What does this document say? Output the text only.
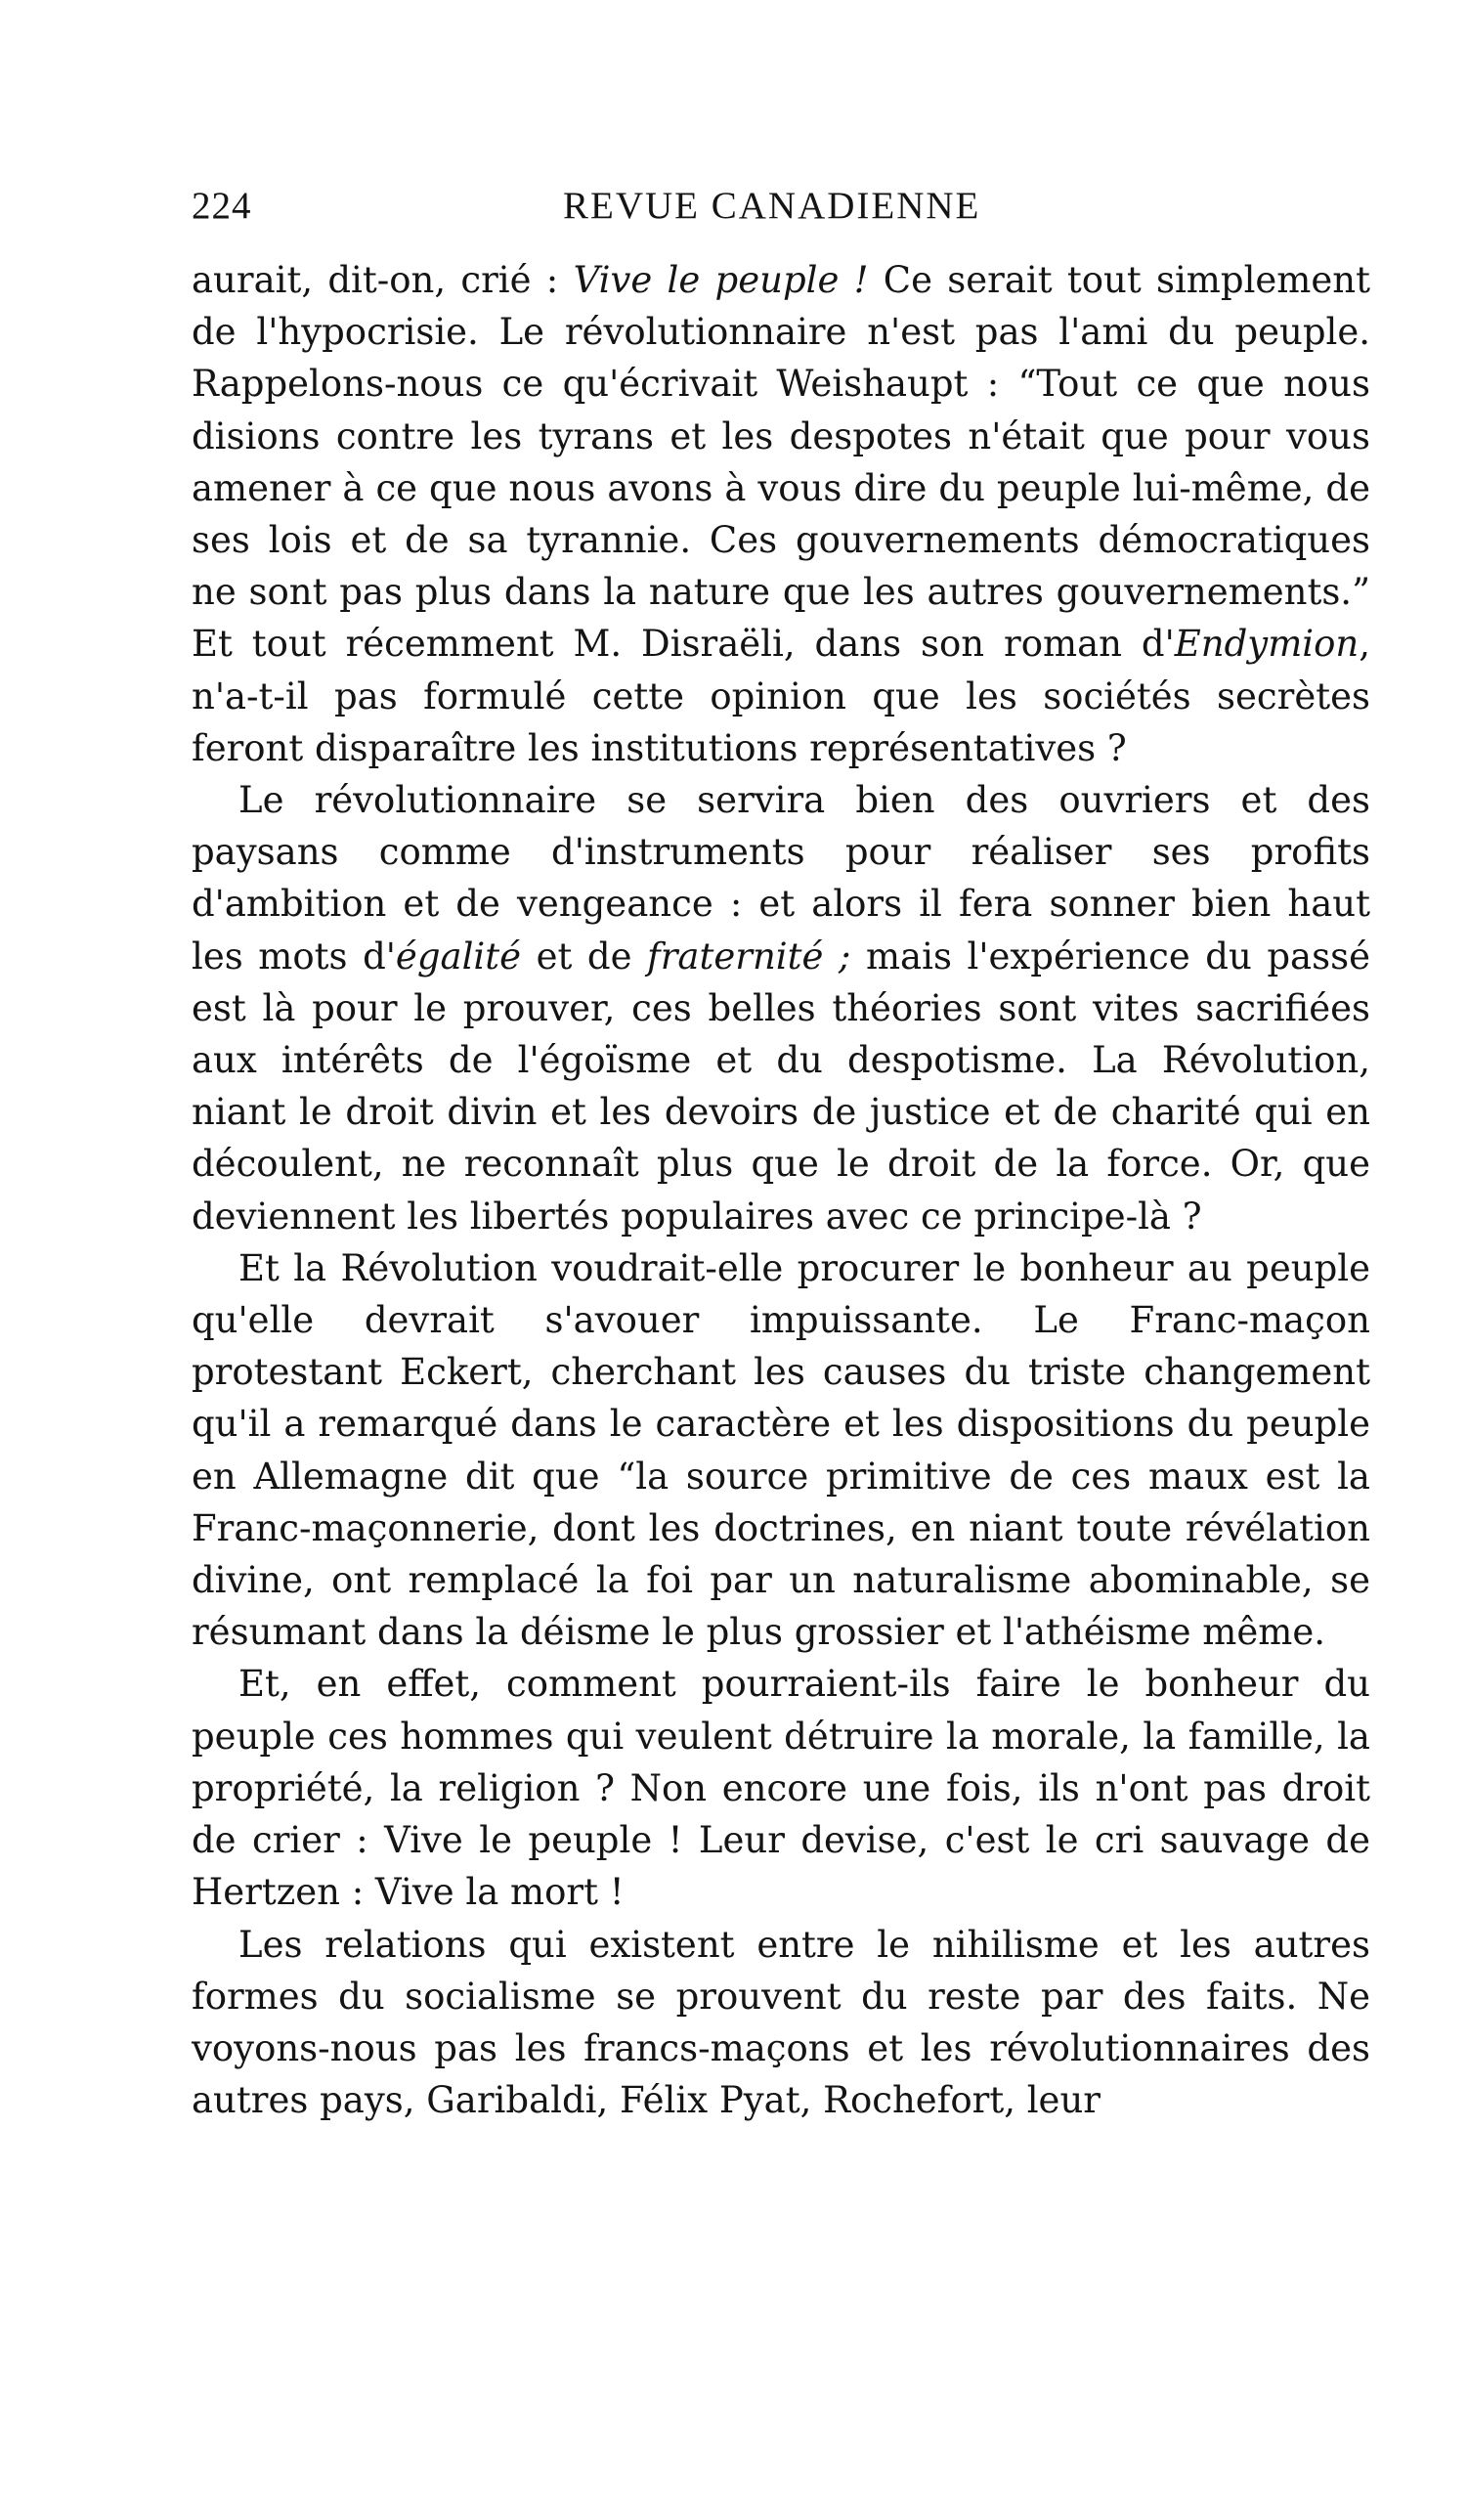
224	REVUE CANADIENNE

aurait, dit-on, crié : Vive le peuple ! Ce serait tout simplement de l'hypocrisie. Le révolutionnaire n'est pas l'ami du peuple. Rappelons-nous ce qu'écrivait Weishaupt : “Tout ce que nous disions contre les tyrans et les despotes n'était que pour vous amener à ce que nous avons à vous dire du peuple lui-même, de ses lois et de sa tyrannie. Ces gouvernements démocratiques ne sont pas plus dans la nature que les autres gouvernements.” Et tout récemment M. Disraëli, dans son roman d'Endymion, n'a-t-il pas formulé cette opinion que les sociétés secrètes feront disparaître les institutions représentatives ?

Le révolutionnaire se servira bien des ouvriers et des paysans comme d'instruments pour réaliser ses profits d'ambition et de vengeance : et alors il fera sonner bien haut les mots d'égalité et de fraternité ; mais l'expérience du passé est là pour le prouver, ces belles théories sont vites sacrifiées aux intérêts de l'égoïsme et du despotisme. La Révolution, niant le droit divin et les devoirs de justice et de charité qui en découlent, ne reconnaît plus que le droit de la force. Or, que deviennent les libertés populaires avec ce principe-là ?

Et la Révolution voudrait-elle procurer le bonheur au peuple qu'elle devrait s'avouer impuissante. Le Franc-maçon protestant Eckert, cherchant les causes du triste changement qu'il a remarqué dans le caractère et les dispositions du peuple en Allemagne dit que “la source primitive de ces maux est la Franc-maçonnerie, dont les doctrines, en niant toute révélation divine, ont remplacé la foi par un naturalisme abominable, se résumant dans la déisme le plus grossier et l'athéisme même.

Et, en effet, comment pourraient-ils faire le bonheur du peuple ces hommes qui veulent détruire la morale, la famille, la propriété, la religion ? Non encore une fois, ils n'ont pas droit de crier : Vive le peuple ! Leur devise, c'est le cri sauvage de Hertzen : Vive la mort !

Les relations qui existent entre le nihilisme et les autres formes du socialisme se prouvent du reste par des faits. Ne voyons-nous pas les francs-maçons et les révolutionnaires des autres pays, Garibaldi, Félix Pyat, Rochefort, leur
